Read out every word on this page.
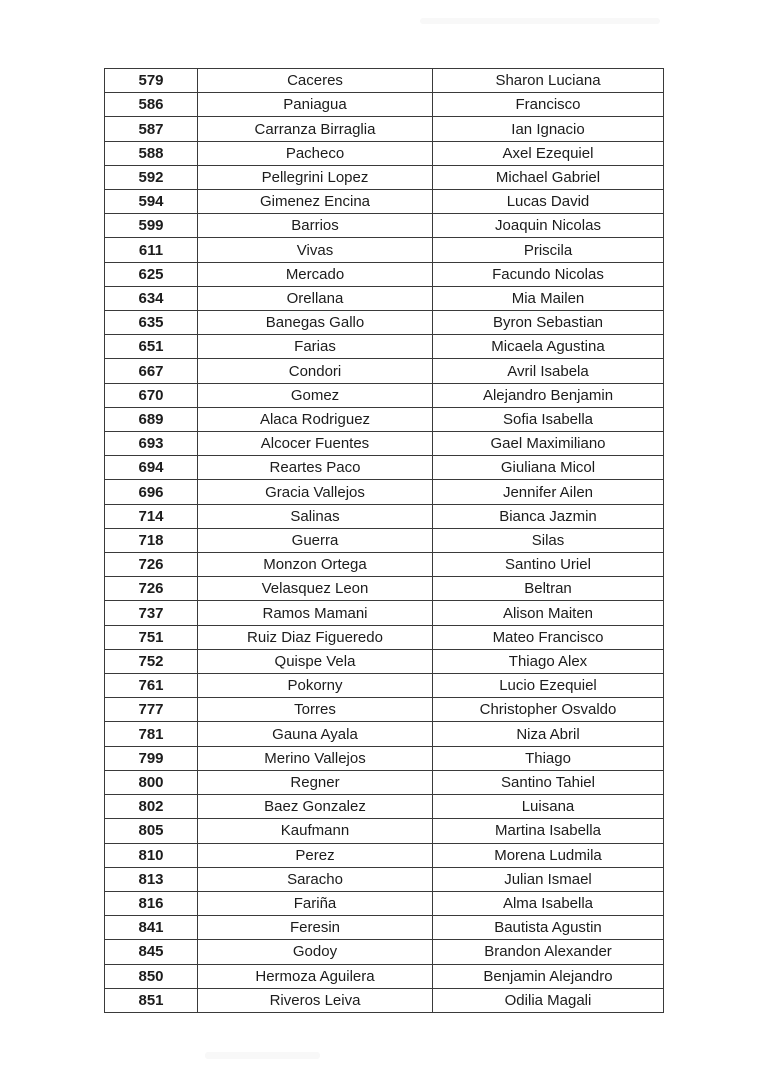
579	Caceres	Sharon Luciana
586	Paniagua	Francisco
587	Carranza Birraglia	Ian Ignacio
588	Pacheco	Axel Ezequiel
592	Pellegrini Lopez	Michael Gabriel
594	Gimenez Encina	Lucas David
599	Barrios	Joaquin Nicolas
611	Vivas	Priscila
625	Mercado	Facundo Nicolas
634	Orellana	Mia Mailen
635	Banegas Gallo	Byron Sebastian
651	Farias	Micaela Agustina
667	Condori	Avril Isabela
670	Gomez	Alejandro Benjamin
689	Alaca Rodriguez	Sofia Isabella
693	Alcocer Fuentes	Gael Maximiliano
694	Reartes Paco	Giuliana Micol
696	Gracia Vallejos	Jennifer Ailen
714	Salinas	Bianca Jazmin
718	Guerra	Silas
726	Monzon Ortega	Santino Uriel
726	Velasquez Leon	Beltran
737	Ramos Mamani	Alison Maiten
751	Ruiz Diaz Figueredo	Mateo Francisco
752	Quispe Vela	Thiago Alex
761	Pokorny	Lucio Ezequiel
777	Torres	Christopher Osvaldo
781	Gauna Ayala	Niza Abril
799	Merino Vallejos	Thiago
800	Regner	Santino Tahiel
802	Baez Gonzalez	Luisana
805	Kaufmann	Martina Isabella
810	Perez	Morena Ludmila
813	Saracho	Julian Ismael
816	Fariña	Alma Isabella
841	Feresin	Bautista Agustin
845	Godoy	Brandon Alexander
850	Hermoza Aguilera	Benjamin Alejandro
851	Riveros Leiva	Odilia Magali
